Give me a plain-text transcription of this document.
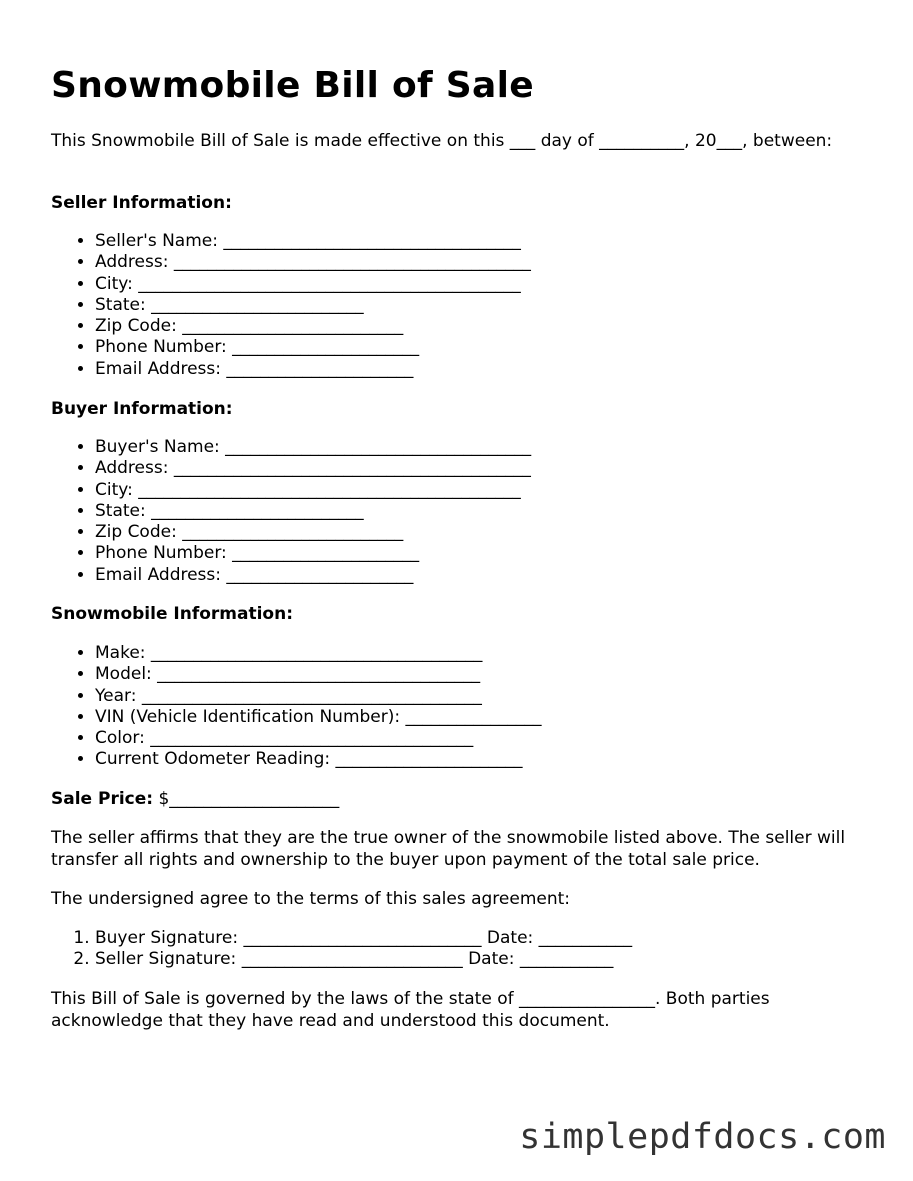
Snowmobile Bill of Sale
This Snowmobile Bill of Sale is made effective on this ___ day of __________, 20___, between:
Seller Information:
• Seller's Name: ___________________________________
• Address: __________________________________________
• City: _____________________________________________
• State: _________________________
• Zip Code: __________________________
• Phone Number: ______________________
• Email Address: ______________________
Buyer Information:
• Buyer's Name: ____________________________________
• Address: __________________________________________
• City: _____________________________________________
• State: _________________________
• Zip Code: __________________________
• Phone Number: ______________________
• Email Address: ______________________
Snowmobile Information:
• Make: _______________________________________
• Model: ______________________________________
• Year: ________________________________________
• VIN (Vehicle Identification Number): ________________
• Color: ______________________________________
• Current Odometer Reading: ______________________
Sale Price: $____________________
The seller affirms that they are the true owner of the snowmobile listed above. The seller will transfer all rights and ownership to the buyer upon payment of the total sale price.
The undersigned agree to the terms of this sales agreement:
1. Buyer Signature: ____________________________ Date: ___________
2. Seller Signature: __________________________ Date: ___________
This Bill of Sale is governed by the laws of the state of ________________. Both parties acknowledge that they have read and understood this document.
simplepdfdocs.com
